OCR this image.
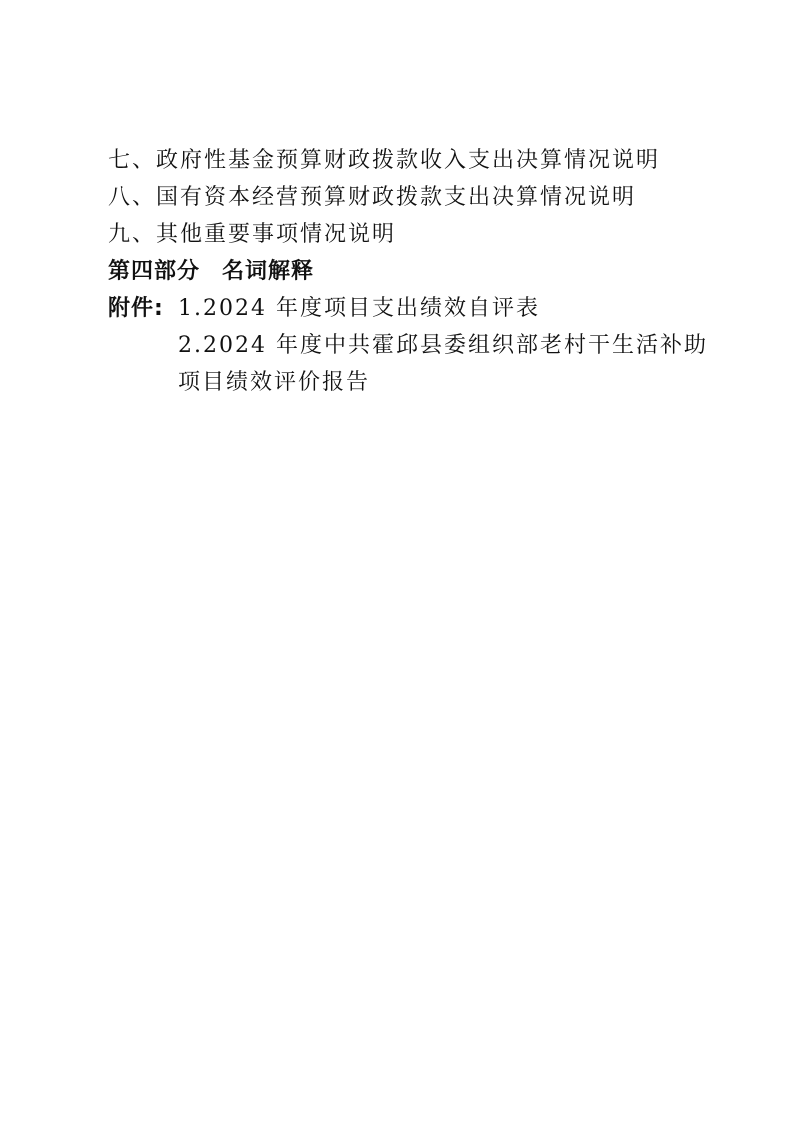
七、政府性基金预算财政拨款收入支出决算情况说明
八、国有资本经营预算财政拨款支出决算情况说明
九、其他重要事项情况说明
第四部分 名词解释
附件: 1.2024 年度项目支出绩效自评表
2.2024 年度中共霍邱县委组织部老村干生活补助
项目绩效评价报告
